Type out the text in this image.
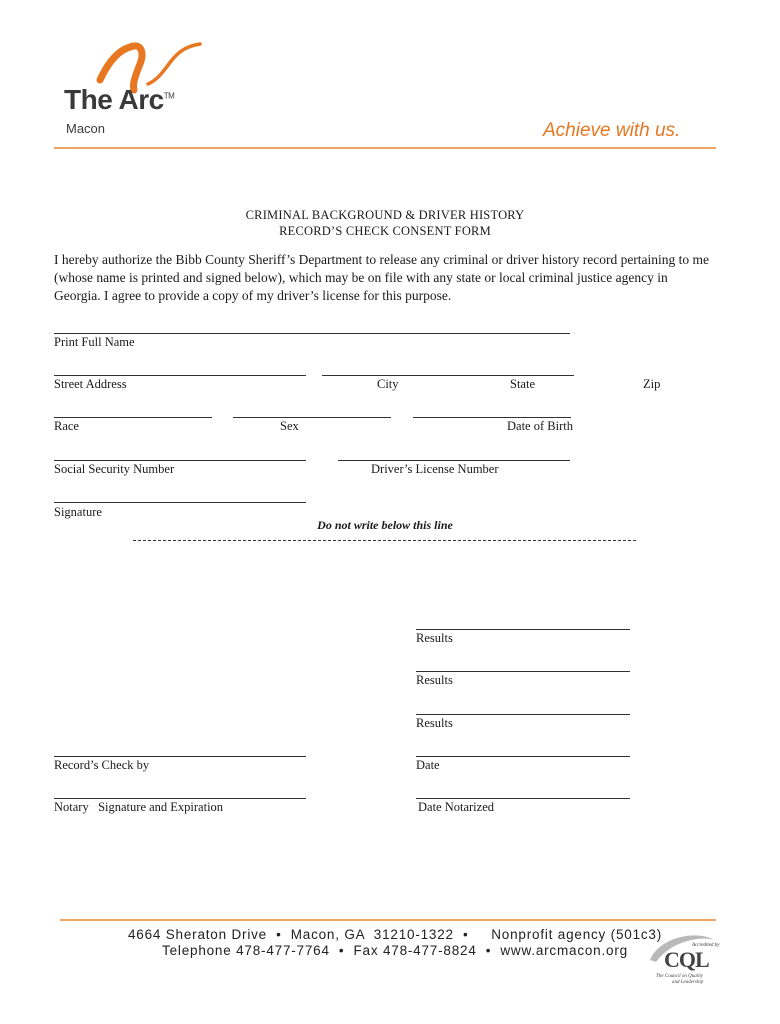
The Arc™
Macon	Achieve with us.
CRIMINAL BACKGROUND & DRIVER HISTORY
RECORD’S CHECK CONSENT FORM
I hereby authorize the Bibb County Sheriff’s Department to release any criminal or driver history record pertaining to me (whose name is printed and signed below), which may be on file with any state or local criminal justice agency in Georgia. I agree to provide a copy of my driver’s license for this purpose.
Print Full Name
Street Address	City	State	Zip
Race	Sex	Date of Birth
Social Security Number	Driver’s License Number
Signature
Do not write below this line
Results
Results
Results
Record’s Check by	Date
Notary   Signature and Expiration	Date Notarized
4664 Sheraton Drive  •  Macon, GA  31210-1322  •     Nonprofit agency (501c3)
Telephone 478-477-7764  •  Fax 478-477-8824  •  www.arcmacon.org	Accredited by
CQL
The Council on Quality
and Leadership
